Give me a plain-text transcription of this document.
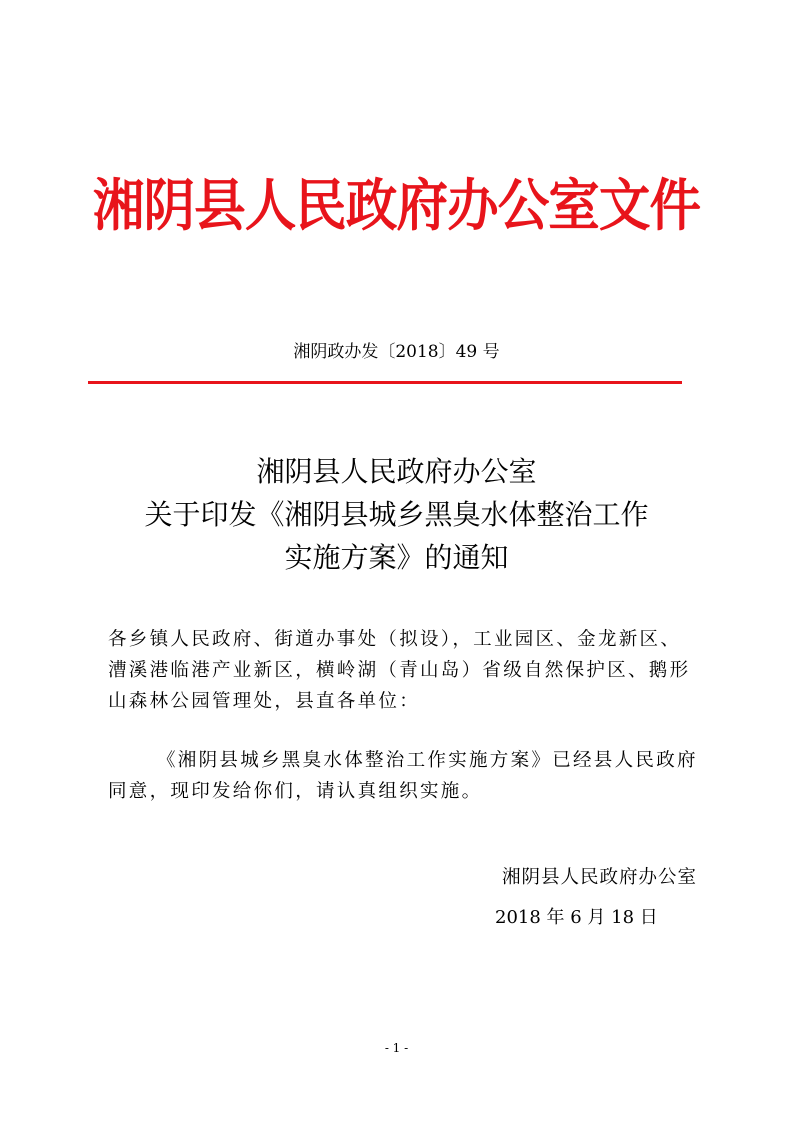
湘阴县人民政府办公室文件
湘阴政办发〔2018〕49 号
湘阴县人民政府办公室
关于印发《湘阴县城乡黑臭水体整治工作
实施方案》的通知
各乡镇人民政府、街道办事处（拟设），工业园区、金龙新区、
漕溪港临港产业新区，横岭湖（青山岛）省级自然保护区、鹅形
山森林公园管理处，县直各单位：
《湘阴县城乡黑臭水体整治工作实施方案》已经县人民政府
同意，现印发给你们，请认真组织实施。
湘阴县人民政府办公室
2018 年 6 月 18 日
- 1 -
